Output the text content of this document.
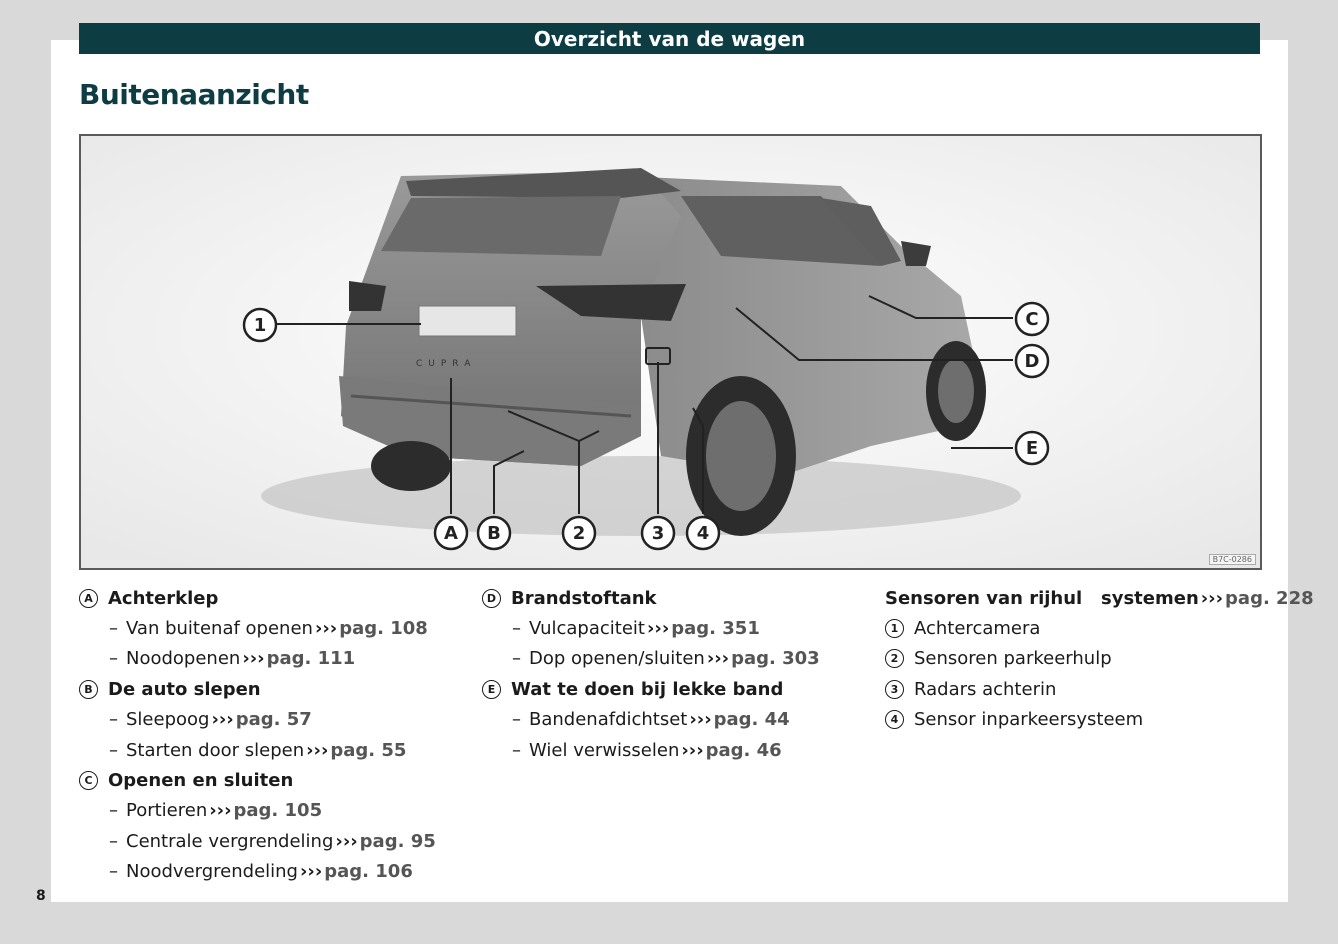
Overzicht van de wagen
Buitenaanzicht
CUPRA
1
A B	2	3 4
C
D
E
B7C-0286
A Achterklep
– Van buitenaf openen ››› pag. 108
– Noodopenen ››› pag. 111
B De auto slepen
– Sleepoog ››› pag. 57
– Starten door slepen ››› pag. 55
C Openen en sluiten
– Portieren ››› pag. 105
– Centrale vergrendeling ››› pag. 95
– Noodvergrendeling ››› pag. 106
D Brandstoftank
– Vulcapaciteit ››› pag. 351
– Dop openen/sluiten ››› pag. 303
E Wat te doen bij lekke band
– Bandenafdichtset ››› pag. 44
– Wiel verwisselen ››› pag. 46
Sensoren van rijhul   systemen ››› pag. 228
1 Achtercamera
2 Sensoren parkeerhulp
3 Radars achterin
4 Sensor inparkeersysteem
8
